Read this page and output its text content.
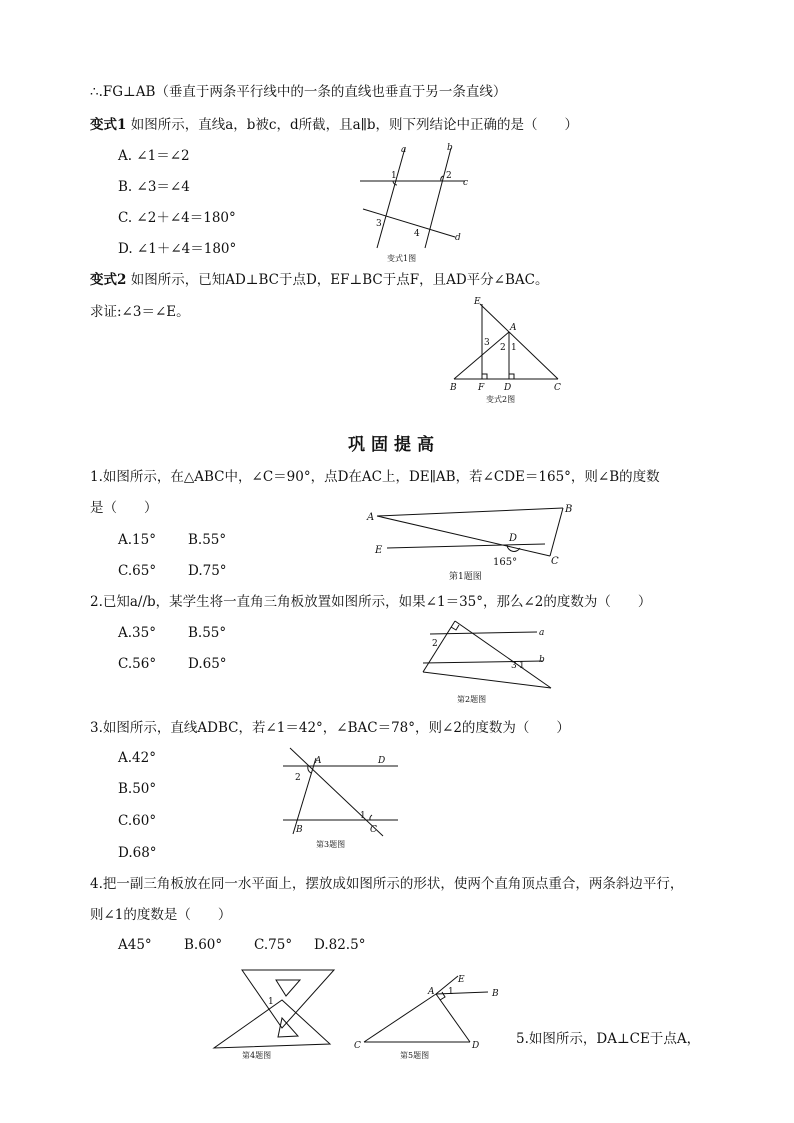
∴.FG⊥AB（垂直于两条平行线中的一条的直线也垂直于另一条直线）
变式1 如图所示，直线a，b被c，d所截，且a∥b，则下列结论中正确的是（　　）
A. ∠1＝∠2
B. ∠3＝∠4
C. ∠2＋∠4＝180°
D. ∠1＋∠4＝180°
变式2 如图所示，已知AD⊥BC于点D，EF⊥BC于点F，且AD平分∠BAC。
求证:∠3＝∠E。
巩固提高
1.如图所示，在△ABC中，∠C＝90°，点D在AC上，DE∥AB，若∠CDE＝165°，则∠B的度数
是（　　）
A.15° B.55°
C.65° D.75°
2.已知a//b，某学生将一直角三角板放置如图所示，如果∠1＝35°，那么∠2的度数为（　　）
A.35° B.55°
C.56° D.65°
3.如图所示，直线ADBC，若∠1＝42°，∠BAC＝78°，则∠2的度数为（　　）
A.42°
B.50°
C.60°
D.68°
4.把一副三角板放在同一水平面上，摆放成如图所示的形状，使两个直角顶点重合，两条斜边平行，
则∠1的度数是（　　）
A45° B.60° C.75° D.82.5°
5.如图所示，DA⊥CE于点A，
a	b
c
d
1	2
3
4
变式1图
E
A
B F D	C
1
2
3
变式2图
A
B
E
D
C
165°
第1题图
a
b
2
3 1
第2题图
A	D
B	C
2
1
第3题图
1
第4题图
A
E
B
C	D
1
第5题图
